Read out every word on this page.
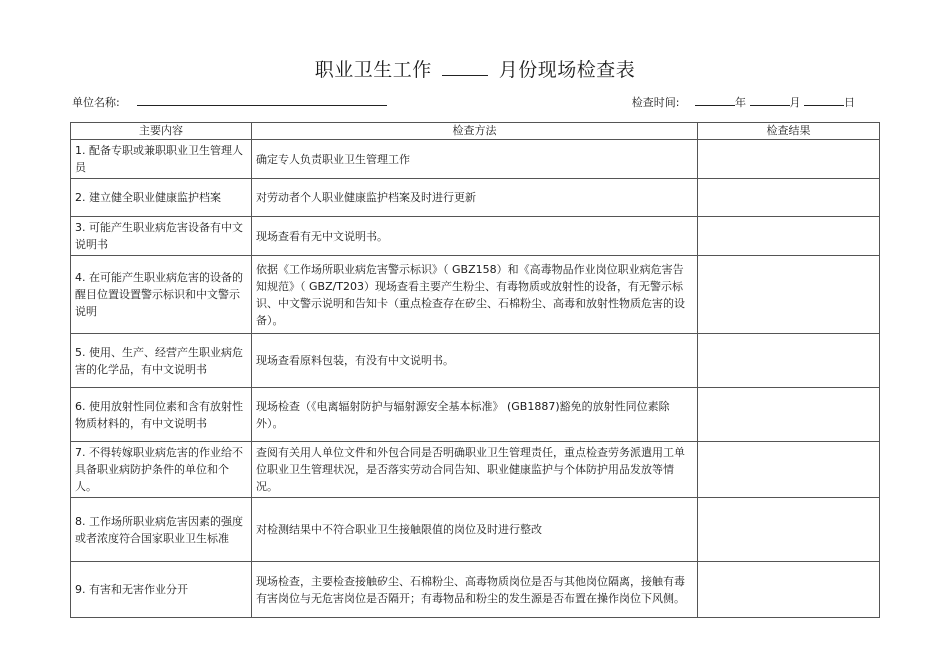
职业卫生工作	月份现场检查表
单位名称:	检查时间:	年	月	日
主要内容	检查方法	检查结果
1. 配备专职或兼职职业卫生管理人员	确定专人负责职业卫生管理工作	
2. 建立健全职业健康监护档案	对劳动者个人职业健康监护档案及时进行更新	
3. 可能产生职业病危害设备有中文说明书	现场查看有无中文说明书。	
4. 在可能产生职业病危害的设备的醒目位置设置警示标识和中文警示说明	依据《工作场所职业病危害警示标识》（ GBZ158）和《高毒物品作业岗位职业病危害告知规范》（ GBZ/T203）现场查看主要产生粉尘、有毒物质或放射性的设备，有无警示标识、中文警示说明和告知卡（重点检查存在矽尘、石棉粉尘、高毒和放射性物质危害的设备）。	
5. 使用、生产、经营产生职业病危害的化学品，有中文说明书	现场查看原料包装，有没有中文说明书。	
6. 使用放射性同位素和含有放射性物质材料的，有中文说明书	现场检查（《电离辐射防护与辐射源安全基本标准》 (GB1887)豁免的放射性同位素除外）。	
7. 不得转嫁职业病危害的作业给不具备职业病防护条件的单位和个人。	查阅有关用人单位文件和外包合同是否明确职业卫生管理责任，重点检查劳务派遣用工单位职业卫生管理状况，是否落实劳动合同告知、职业健康监护与个体防护用品发放等情况。	
8. 工作场所职业病危害因素的强度或者浓度符合国家职业卫生标准	对检测结果中不符合职业卫生接触限值的岗位及时进行整改	
9. 有害和无害作业分开	现场检查，主要检查接触矽尘、石棉粉尘、高毒物质岗位是否与其他岗位隔离，接触有毒有害岗位与无危害岗位是否隔开；有毒物品和粉尘的发生源是否布置在操作岗位下风侧。	
